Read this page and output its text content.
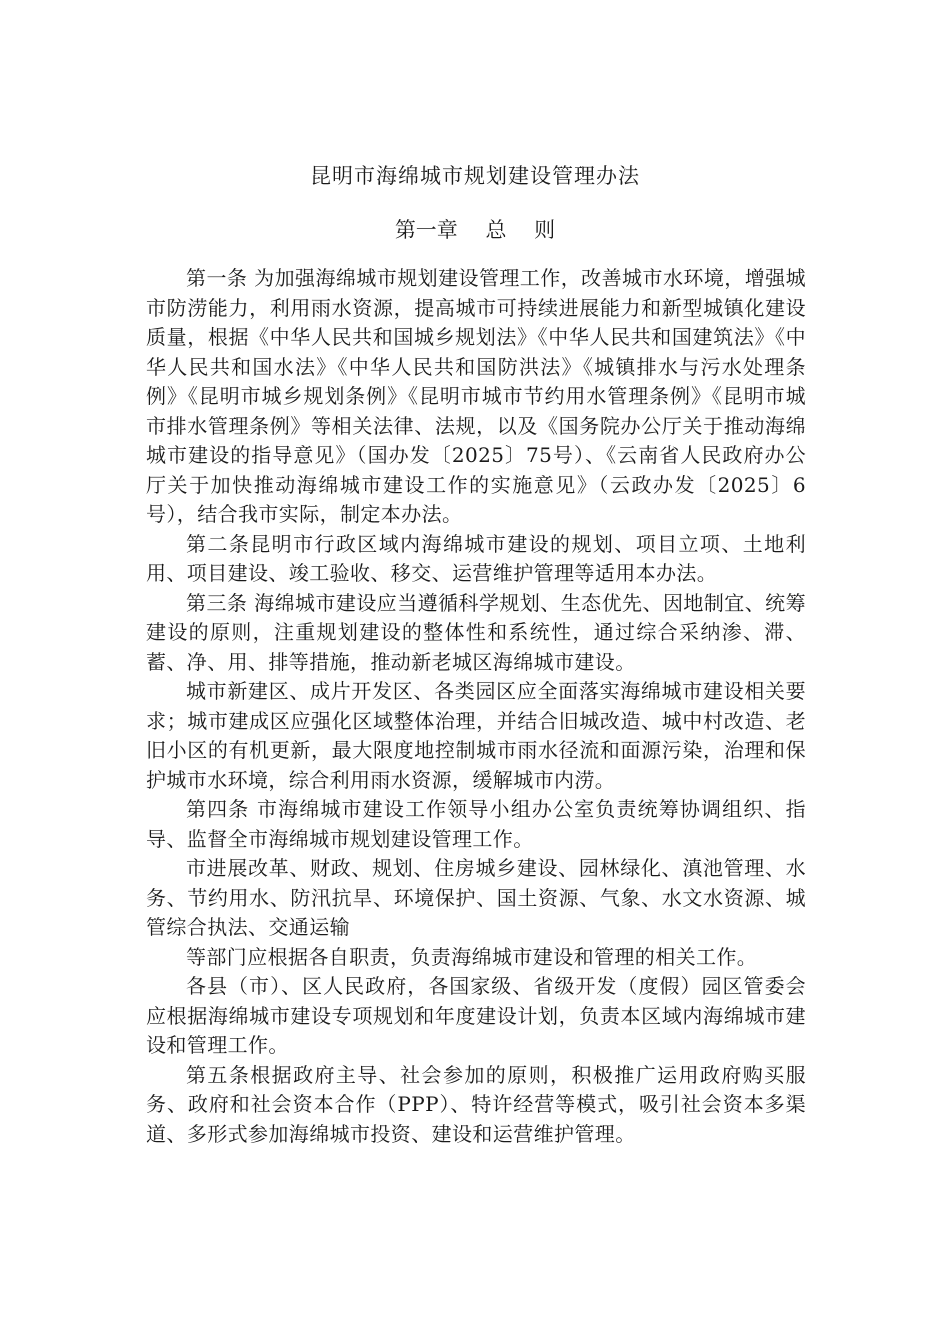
昆明市海绵城市规划建设管理办法
第一章　 总　 则

第一条 为加强海绵城市规划建设管理工作，改善城市水环境，增强城市防涝能力，利用雨水资源，提高城市可持续进展能力和新型城镇化建设质量，根据《中华人民共和国城乡规划法》《中华人民共和国建筑法》《中华人民共和国水法》《中华人民共和国防洪法》《城镇排水与污水处理条例》《昆明市城乡规划条例》《昆明市城市节约用水管理条例》《昆明市城市排水管理条例》等相关法律、法规，以及《国务院办公厅关于推动海绵城市建设的指导意见》（国办发〔2025〕75号）、《云南省人民政府办公厅关于加快推动海绵城市建设工作的实施意见》（云政办发〔2025〕6号），结合我市实际，制定本办法。

第二条昆明市行政区域内海绵城市建设的规划、项目立项、土地利用、项目建设、竣工验收、移交、运营维护管理等适用本办法。

第三条 海绵城市建设应当遵循科学规划、生态优先、因地制宜、统筹建设的原则，注重规划建设的整体性和系统性，通过综合采纳渗、滞、蓄、净、用、排等措施，推动新老城区海绵城市建设。

城市新建区、成片开发区、各类园区应全面落实海绵城市建设相关要求；城市建成区应强化区域整体治理，并结合旧城改造、城中村改造、老旧小区的有机更新，最大限度地控制城市雨水径流和面源污染，治理和保护城市水环境，综合利用雨水资源，缓解城市内涝。

第四条 市海绵城市建设工作领导小组办公室负责统筹协调组织、指导、监督全市海绵城市规划建设管理工作。

市进展改革、财政、规划、住房城乡建设、园林绿化、滇池管理、水务、节约用水、防汛抗旱、环境保护、国土资源、气象、水文水资源、城管综合执法、交通运输

等部门应根据各自职责，负责海绵城市建设和管理的相关工作。

各县（市）、区人民政府，各国家级、省级开发（度假）园区管委会应根据海绵城市建设专项规划和年度建设计划，负责本区域内海绵城市建设和管理工作。

第五条根据政府主导、社会参加的原则，积极推广运用政府购买服务、政府和社会资本合作（PPP）、特许经营等模式，吸引社会资本多渠道、多形式参加海绵城市投资、建设和运营维护管理。
